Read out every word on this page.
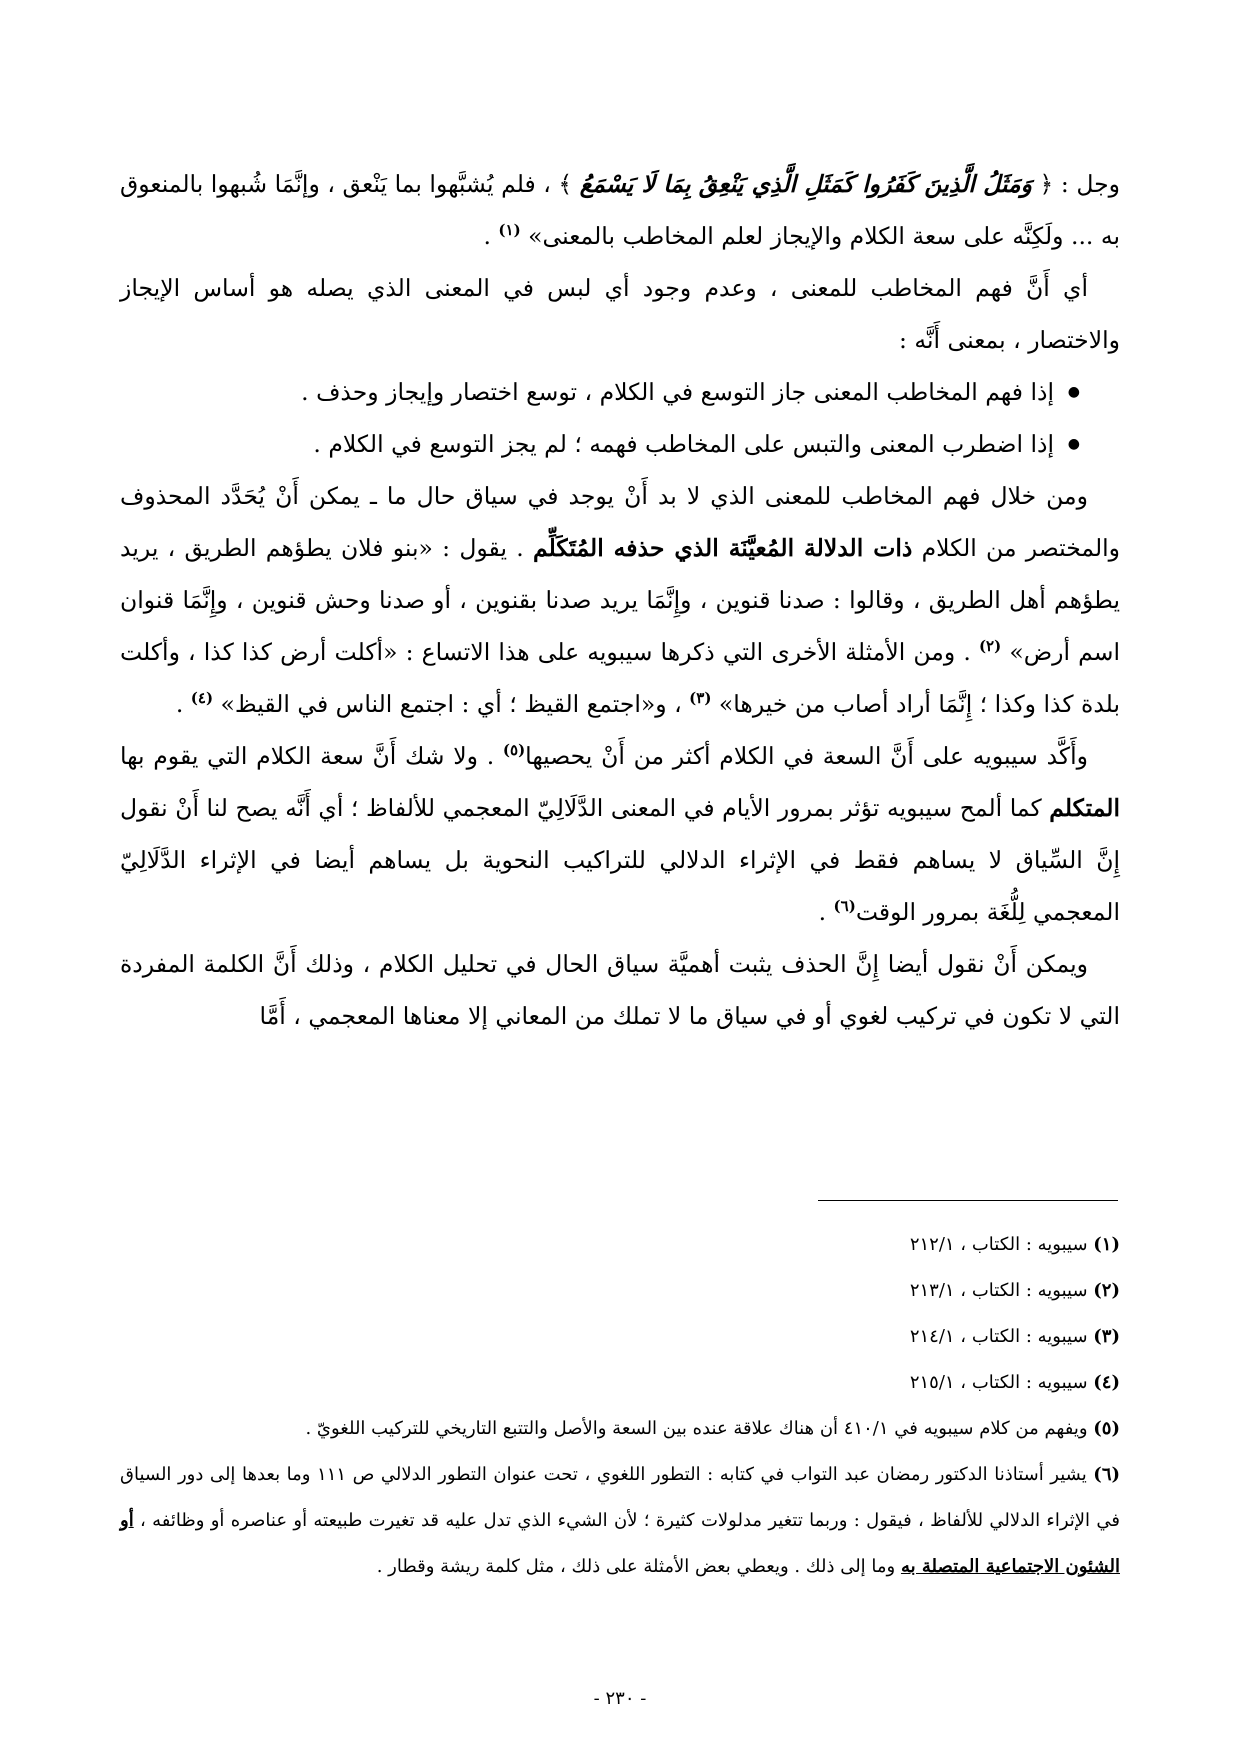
وجل : ﴿ وَمَثَلُ الَّذِينَ كَفَرُوا كَمَثَلِ الَّذِي يَنْعِقُ بِمَا لَا يَسْمَعُ ﴾ ، فلم يُشبَّهوا بما يَنْعق ، وإنَّمَا شُبهوا بالمنعوق به ... ولَكِنَّه على سعة الكلام والإيجاز لعلم المخاطب بالمعنى» $^{(١)}$ .

أي أَنَّ فهم المخاطب للمعنى ، وعدم وجود أي لبس في المعنى الذي يصله هو أساس الإيجاز والاختصار ، بمعنى أَنَّه :

● إذا فهم المخاطب المعنى جاز التوسع في الكلام ، توسع اختصار وإيجاز وحذف .
● إذا اضطرب المعنى والتبس على المخاطب فهمه ؛ لم يجز التوسع في الكلام .

ومن خلال فهم المخاطب للمعنى الذي لا بد أَنْ يوجد في سياق حال ما ـ يمكن أَنْ يُحَدَّد المحذوف والمختصر من الكلام ذات الدلالة المُعيَّنَة الذي حذفه المُتَكَلِّم . يقول : «بنو فلان يطؤهم الطريق ، يريد يطؤهم أهل الطريق ، وقالوا : صدنا قنوين ، وإِنَّمَا يريد صدنا بقنوين ، أو صدنا وحش قنوين ، وإِنَّمَا قنوان اسم أرض» $^{(٢)}$ . ومن الأمثلة الأخرى التي ذكرها سيبويه على هذا الاتساع : «أكلت أرض كذا كذا ، وأكلت بلدة كذا وكذا ؛ إِنَّمَا أراد أصاب من خيرها» $^{(٣)}$ ، و«اجتمع القيظ ؛ أي : اجتمع الناس في القيظ» $^{(٤)}$ .

وأَكَّد سيبويه على أَنَّ السعة في الكلام أكثر من أَنْ يحصيها$^{(٥)}$ . ولا شك أَنَّ سعة الكلام التي يقوم بها المتكلم كما ألمح سيبويه تؤثر بمرور الأيام في المعنى الدَّلَالِيّ المعجمي للألفاظ ؛ أي أَنَّه يصح لنا أَنْ نقول إِنَّ السِّياق لا يساهم فقط في الإثراء الدلالي للتراكيب النحوية بل يساهم أيضا في الإثراء الدَّلَالِيّ المعجمي لِلُّغَة بمرور الوقت$^{(٦)}$ .

ويمكن أَنْ نقول أيضا إِنَّ الحذف يثبت أهميَّة سياق الحال في تحليل الكلام ، وذلك أَنَّ الكلمة المفردة التي لا تكون في تركيب لغوي أو في سياق ما لا تملك من المعاني إلا معناها المعجمي ، أَمَّا

(١) سيبويه : الكتاب ، ٢١٢/١

(٢) سيبويه : الكتاب ، ٢١٣/١

(٣) سيبويه : الكتاب ، ٢١٤/١

(٤) سيبويه : الكتاب ، ٢١٥/١

(٥) ويفهم من كلام سيبويه في ٤١٠/١ أن هناك علاقة عنده بين السعة والأصل والتتبع التاريخي للتركيب اللغويّ .

(٦) يشير أستاذنا الدكتور رمضان عبد التواب في كتابه : التطور اللغوي ، تحت عنوان التطور الدلالي ص ١١١ وما بعدها إلى دور السياق في الإثراء الدلالي للألفاظ ، فيقول : وربما تتغير مدلولات كثيرة ؛ لأن الشيء الذي تدل عليه قد تغيرت طبيعته أو عناصره أو وظائفه ، أو الشئون الاجتماعية المتصلة به وما إلى ذلك . ويعطي بعض الأمثلة على ذلك ، مثل كلمة ريشة وقطار .

- ٢٣٠ -
